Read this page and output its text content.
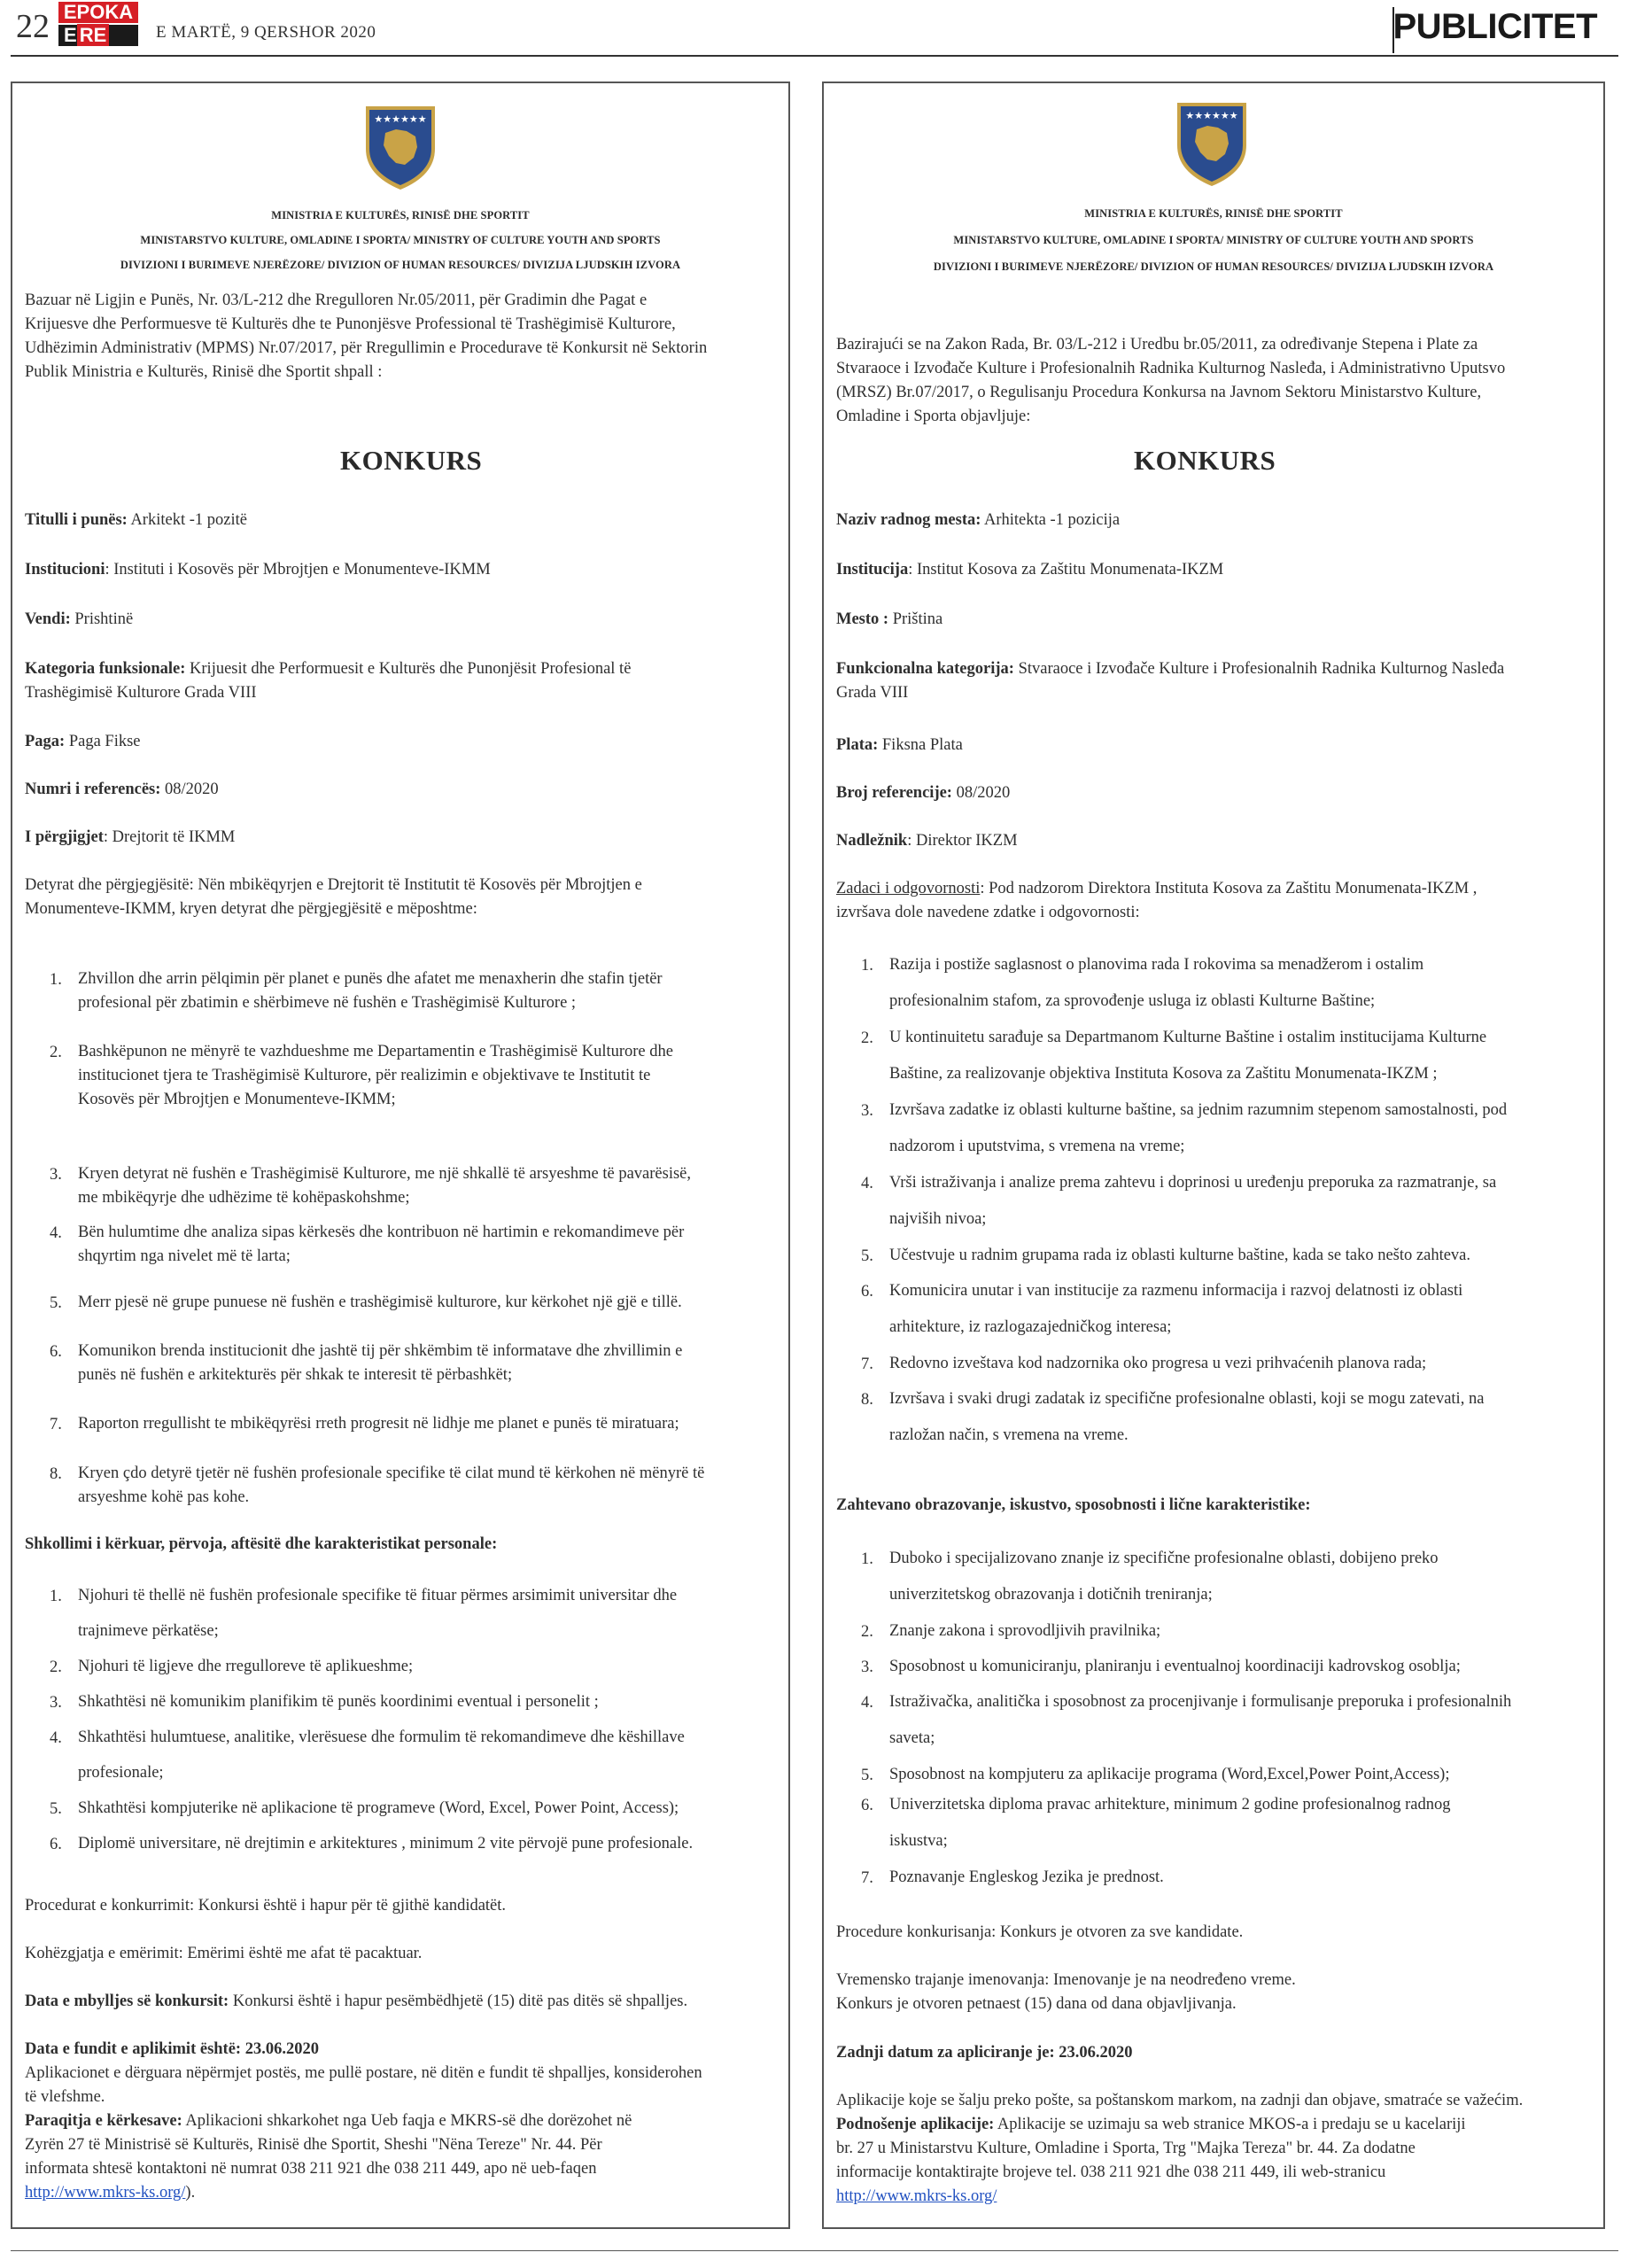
22 EPOKA
E RE	E MARTË, 9 QERSHOR 2020	PUBLICITET
★★★★★★
MINISTRIA E KULTURËS, RINISË DHE SPORTIT
MINISTARSTVO KULTURE, OMLADINE I SPORTA/ MINISTRY OF CULTURE YOUTH AND SPORTS
DIVIZIONI I BURIMEVE NJERËZORE/ DIVIZION OF HUMAN RESOURCES/ DIVIZIJA LJUDSKIH IZVORA
Bazuar në Ligjin e Punës, Nr. 03/L-212 dhe Rregulloren Nr.05/2011, për Gradimin dhe Pagat e
Krijuesve dhe Performuesve të Kulturës dhe te Punonjësve Professional të Trashëgimisë Kulturore,
Udhëzimin Administrativ (MPMS) Nr.07/2017, për Rregullimin e Procedurave të Konkursit në Sektorin
Publik Ministria e Kulturës, Rinisë dhe Sportit shpall :
KONKURS
Titulli i punës: Arkitekt -1 pozitë
Institucioni: Instituti i Kosovës për Mbrojtjen e Monumenteve-IKMM
Vendi: Prishtinë
Kategoria funksionale: Krijuesit dhe Performuesit e Kulturës dhe Punonjësit Profesional të
Trashëgimisë Kulturore Grada VIII
Paga: Paga Fikse
Numri i referencës: 08/2020
I përgjigjet: Drejtorit të IKMM
Detyrat dhe përgjegjësitë: Nën mbikëqyrjen e Drejtorit të Institutit të Kosovës për Mbrojtjen e
Monumenteve-IKMM, kryen detyrat dhe përgjegjësitë e mëposhtme:
1. Zhvillon dhe arrin pëlqimin për planet e punës dhe afatet me menaxherin dhe stafin tjetër
profesional për zbatimin e shërbimeve në fushën e Trashëgimisë Kulturore ;
2. Bashkëpunon ne mënyrë te vazhdueshme me Departamentin e Trashëgimisë Kulturore dhe
institucionet tjera te Trashëgimisë Kulturore, për realizimin e objektivave te Institutit te
Kosovës për Mbrojtjen e Monumenteve-IKMM;
3. Kryen detyrat në fushën e Trashëgimisë Kulturore, me një shkallë të arsyeshme të pavarësisë,
me mbikëqyrje dhe udhëzime të kohëpaskohshme;
4. Bën hulumtime dhe analiza sipas kërkesës dhe kontribuon në hartimin e rekomandimeve për
shqyrtim nga nivelet më të larta;
5. Merr pjesë në grupe punuese në fushën e trashëgimisë kulturore, kur kërkohet një gjë e tillë.
6. Komunikon brenda institucionit dhe jashtë tij për shkëmbim të informatave dhe zhvillimin e
punës në fushën e arkitekturës për shkak te interesit të përbashkët;
7. Raporton rregullisht te mbikëqyrësi rreth progresit në lidhje me planet e punës të miratuara;
8. Kryen çdo detyrë tjetër në fushën profesionale specifike të cilat mund të kërkohen në mënyrë të
arsyeshme kohë pas kohe.
Shkollimi i kërkuar, përvoja, aftësitë dhe karakteristikat personale:
1. Njohuri të thellë në fushën profesionale specifike të fituar përmes arsimimit universitar dhe
trajnimeve përkatëse;
2. Njohuri të ligjeve dhe rregulloreve të aplikueshme;
3. Shkathtësi në komunikim planifikim të punës koordinimi eventual i personelit ;
4. Shkathtësi hulumtuese, analitike, vlerësuese dhe formulim të rekomandimeve dhe këshillave
profesionale;
5. Shkathtësi kompjuterike në aplikacione të programeve (Word, Excel, Power Point, Access);
6. Diplomë universitare, në drejtimin e arkitektures , minimum 2 vite përvojë pune profesionale.
Procedurat e konkurrimit: Konkursi është i hapur për të gjithë kandidatët.
Kohëzgjatja e emërimit: Emërimi është me afat të pacaktuar.
Data e mbylljes së konkursit: Konkursi është i hapur pesëmbëdhjetë (15) ditë pas ditës së shpallјes.
Data e fundit e aplikimit është: 23.06.2020
Aplikacionet e dërguara nëpërmjet postës, me pullë postare, në ditën e fundit të shpalljes, konsiderohen
të vlefshme.
Paraqitja e kërkesave: Aplikacioni shkarkohet nga Ueb faqja e MKRS-së dhe dorëzohet në
Zyrën 27 të Ministrisë së Kulturës, Rinisë dhe Sportit, Sheshi "Nëna Tereze" Nr. 44. Për
informata shtesë kontaktoni në numrat 038 211 921 dhe 038 211 449, apo në ueb-faqen
http://www.mkrs-ks.org/).
★★★★★★
MINISTRIA E KULTURËS, RINISË DHE SPORTIT
MINISTARSTVO KULTURE, OMLADINE I SPORTA/ MINISTRY OF CULTURE YOUTH AND SPORTS
DIVIZIONI I BURIMEVE NJERËZORE/ DIVIZION OF HUMAN RESOURCES/ DIVIZIJA LJUDSKIH IZVORA
Bazirajući se na Zakon Rada, Br. 03/L-212 i Uredbu br.05/2011, za određivanje Stepena i Plate za
Stvaraoce i Izvođače Kulture i Profesionalnih Radnika Kulturnog Nasleđa, i Administrativno Uputsvo
(MRSZ) Br.07/2017, o Regulisanju Procedura Konkursa na Javnom Sektoru Ministarstvo Kulture,
Omladine i Sporta objavljuje:
KONKURS
Naziv radnog mesta: Arhitekta -1 pozicija
Institucija: Institut Kosova za Zaštitu Monumenata-IKZM
Mesto : Priština
Funkcionalna kategorija: Stvaraoce i Izvođače Kulture i Profesionalnih Radnika Kulturnog Nasleđa
Grada VIII
Plata: Fiksna Plata
Broj referencije: 08/2020
Nadležnik: Direktor IKZM
Zadaci i odgovornosti: Pod nadzorom Direktora Instituta Kosova za Zaštitu Monumenata-IKZM ,
izvršava dole navedene zdatke i odgovornosti:
1. Razija i postiže saglasnost o planovima rada I rokovima sa menadžerom i ostalim
profesionalnim stafom, za sprovođenje usluga iz oblasti Kulturne Baštine;
2. U kontinuitetu sarađuje sa Departmanom Kulturne Baštine i ostalim institucijama Kulturne
Baštine, za realizovanje objektiva Instituta Kosova za Zaštitu Monumenata-IKZM ;
3. Izvršava zadatke iz oblasti kulturne baštine, sa jednim razumnim stepenom samostalnosti, pod
nadzorom i uputstvima, s vremena na vreme;
4. Vrši istraživanja i analize prema zahtevu i doprinosi u uređenju preporuka za razmatranje, sa
najviših nivoa;
5. Učestvuje u radnim grupama rada iz oblasti kulturne baštine, kada se tako nešto zahteva.
6. Komunicira unutar i van institucije za razmenu informacija i razvoj delatnosti iz oblasti
arhitekture, iz razlogazajedničkog interesa;
7. Redovno izveštava kod nadzornika oko progresa u vezi prihvaćenih planova rada;
8. Izvršava i svaki drugi zadatak iz specifične profesionalne oblasti, koji se mogu zatevati, na
razložan način, s vremena na vreme.
Zahtevano obrazovanje, iskustvo, sposobnosti i lične karakteristike:
1. Duboko i specijalizovano znanje iz specifične profesionalne oblasti, dobijeno preko
univerzitetskog obrazovanja i dotičnih treniranja;
2. Znanje zakona i sprovodljivih pravilnika;
3. Sposobnost u komuniciranju, planiranju i eventualnoj koordinaciji kadrovskog osoblja;
4. Istraživačka, analitička i sposobnost za procenjivanje i formulisanje preporuka i profesionalnih
saveta;
5. Sposobnost na kompjuteru za aplikacije programa (Word,Excel,Power Point,Access);
6. Univerzitetska diploma pravac arhitekture, minimum 2 godine profesionalnog radnog
iskustva;
7. Poznavanje Engleskog Jezika je prednost.
Procedure konkurisanja: Konkurs je otvoren za sve kandidate.
Vremensko trajanje imenovanja: Imenovanje je na neodređeno vreme.
Konkurs je otvoren petnaest (15) dana od dana objavljivanja.
Zadnji datum za apliciranje je: 23.06.2020
Aplikacije koje se šalju preko pošte, sa poštanskom markom, na zadnji dan objave, smatraće se važećim.
Podnošenje aplikacije: Aplikacije se uzimaju sa web stranice MKOS-a i predaju se u kacelariji
br. 27 u Ministarstvu Kulture, Omladine i Sporta, Trg "Majka Tereza" br. 44. Za dodatne
informacije kontaktirajte brojeve tel. 038 211 921 dhe 038 211 449, ili web-stranicu
http://www.mkrs-ks.org/
